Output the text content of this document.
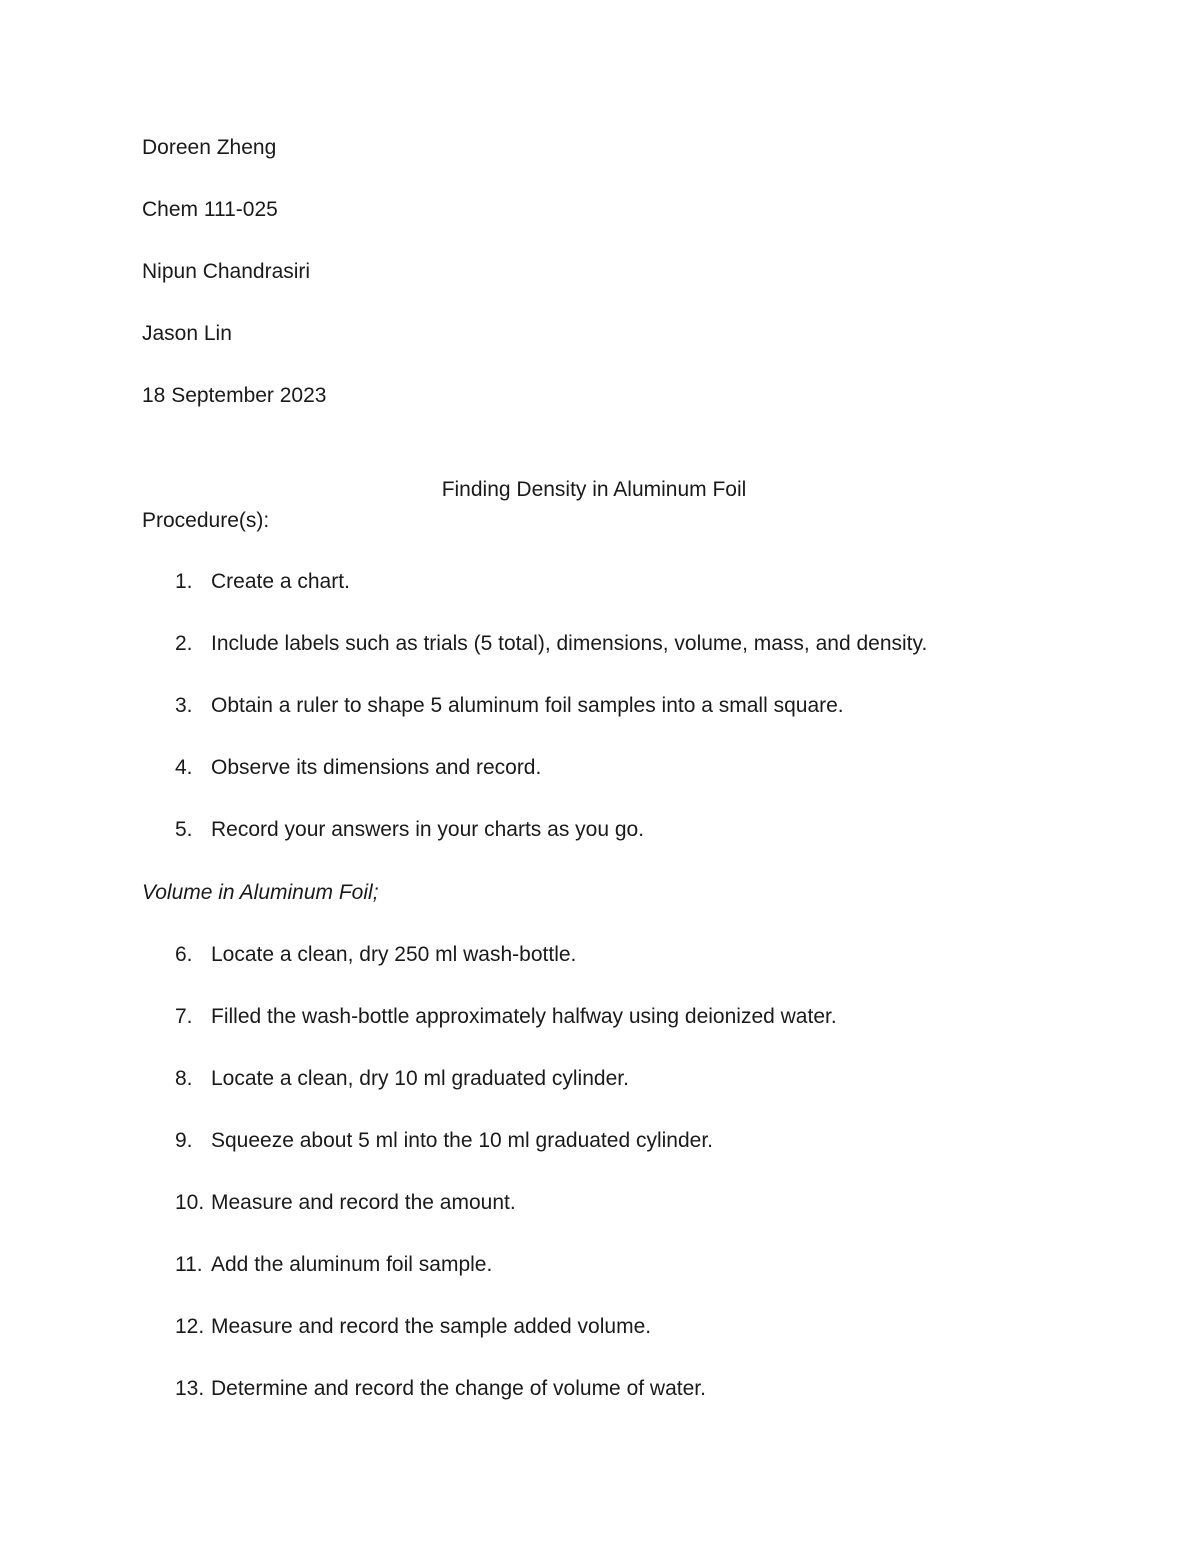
Doreen Zheng

Chem 111-025

Nipun Chandrasiri

Jason Lin

18 September 2023

Finding Density in Aluminum Foil

Procedure(s):

1. Create a chart.
2. Include labels such as trials (5 total), dimensions, volume, mass, and density.
3. Obtain a ruler to shape 5 aluminum foil samples into a small square.
4. Observe its dimensions and record.
5. Record your answers in your charts as you go.

Volume in Aluminum Foil;

6. Locate a clean, dry 250 ml wash-bottle.
7. Filled the wash-bottle approximately halfway using deionized water.
8. Locate a clean, dry 10 ml graduated cylinder.
9. Squeeze about 5 ml into the 10 ml graduated cylinder.
10. Measure and record the amount.
11. Add the aluminum foil sample.
12. Measure and record the sample added volume.
13. Determine and record the change of volume of water.
